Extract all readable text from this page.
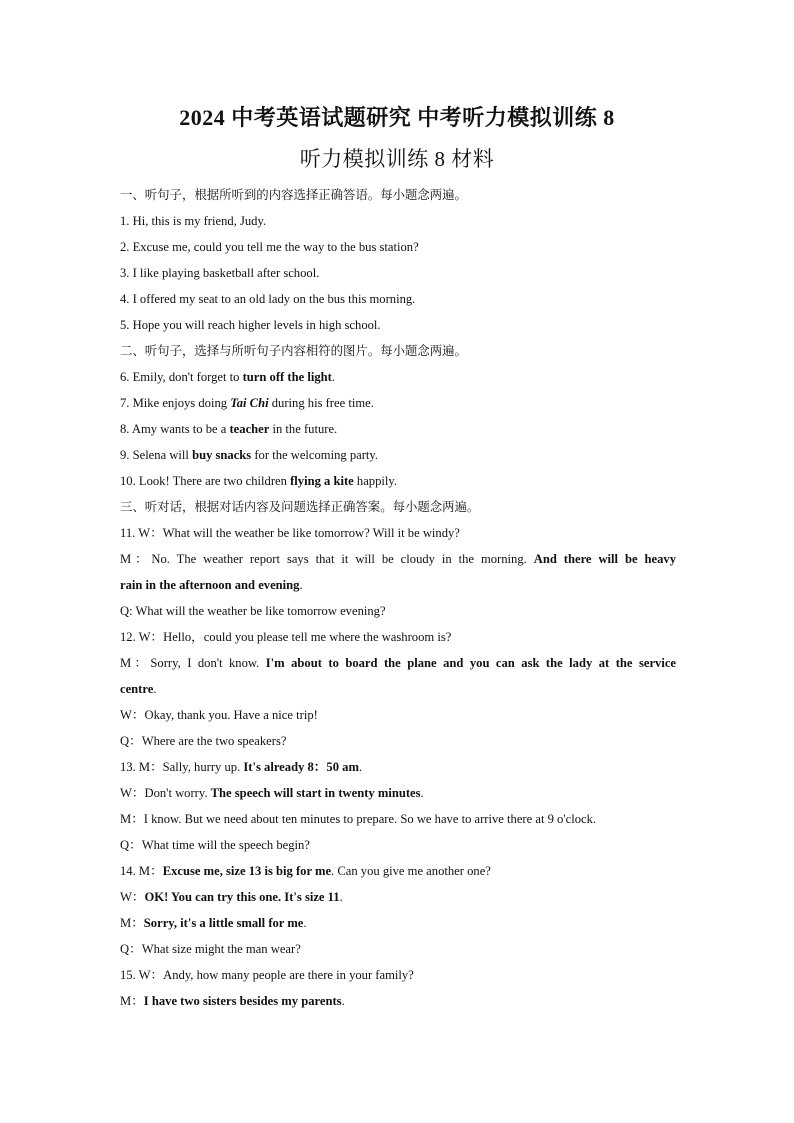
2024 中考英语试题研究 中考听力模拟训练 8
听力模拟训练 8 材料
一、听句子，根据所听到的内容选择正确答语。每小题念两遍。
1. Hi, this is my friend, Judy.
2. Excuse me, could you tell me the way to the bus station?
3. I like playing basketball after school.
4. I offered my seat to an old lady on the bus this morning.
5. Hope you will reach higher levels in high school.
二、听句子，选择与所听句子内容相符的图片。每小题念两遍。
6. Emily, don't forget to turn off the light.
7. Mike enjoys doing Tai Chi during his free time.
8. Amy wants to be a teacher in the future.
9. Selena will buy snacks for the welcoming party.
10. Look! There are two children flying a kite happily.
三、听对话，根据对话内容及问题选择正确答案。每小题念两遍。
11. W：What will the weather be like tomorrow? Will it be windy?
M：No. The weather report says that it will be cloudy in the morning. And there will be heavy
rain in the afternoon and evening.
Q: What will the weather be like tomorrow evening?
12. W：Hello，could you please tell me where the washroom is?
M：Sorry, I don't know. I'm about to board the plane and you can ask the lady at the service
centre.
W：Okay, thank you. Have a nice trip!
Q：Where are the two speakers?
13. M：Sally, hurry up. It's already 8：50 am.
W：Don't worry. The speech will start in twenty minutes.
M：I know. But we need about ten minutes to prepare. So we have to arrive there at 9 o'clock.
Q：What time will the speech begin?
14. M：Excuse me, size 13 is big for me. Can you give me another one?
W：OK! You can try this one. It's size 11.
M：Sorry, it's a little small for me.
Q：What size might the man wear?
15. W：Andy, how many people are there in your family?
M：I have two sisters besides my parents.
